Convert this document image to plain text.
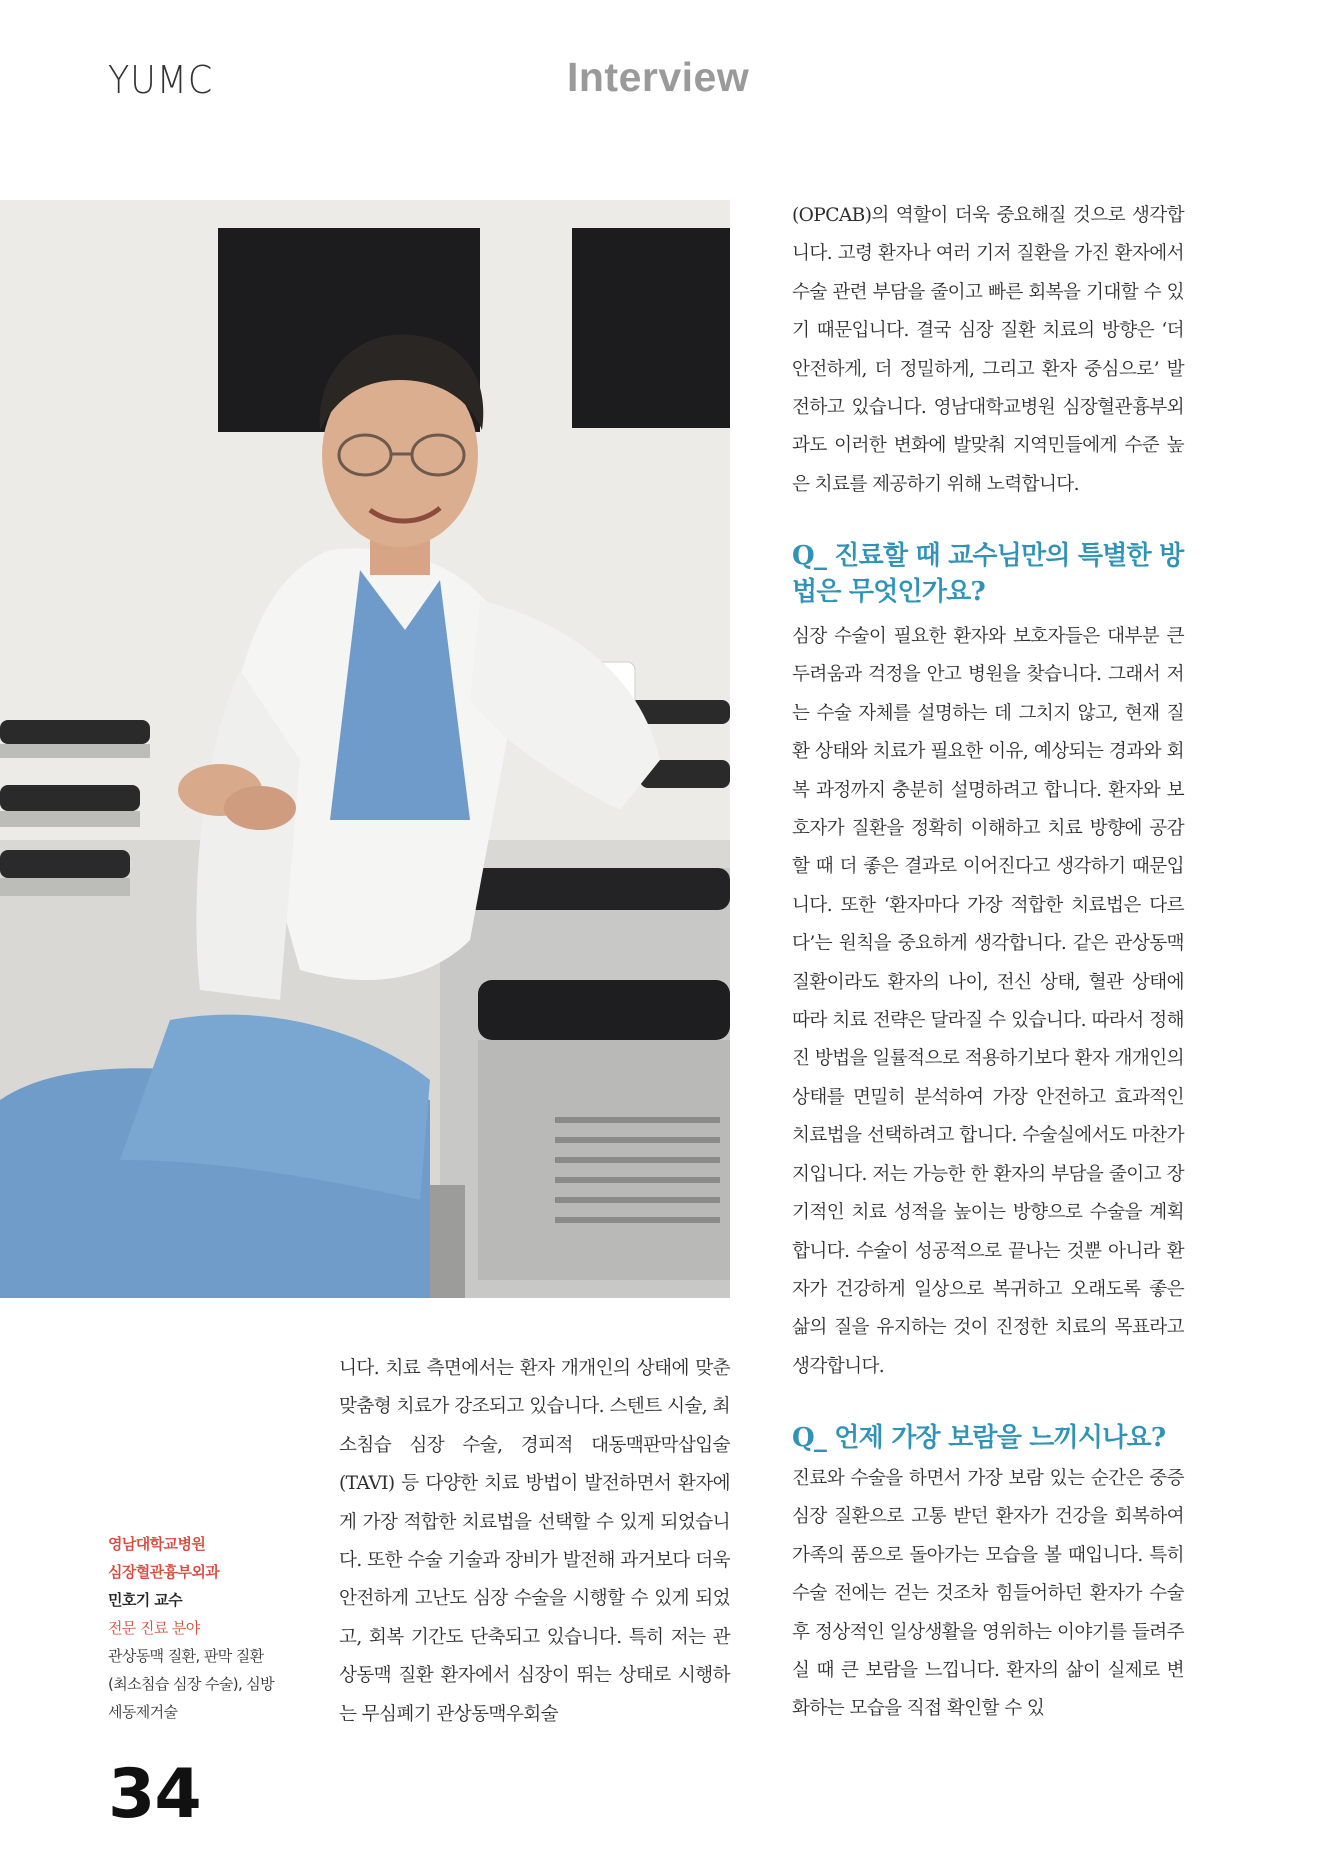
YUMC	Interview

니다. 치료 측면에서는 환자 개개인의 상태에 맞춘 맞춤형 치료가 강조되고 있습니다. 스텐트 시술, 최소침습 심장 수술, 경피적 대동맥판막삽입술(TAVI) 등 다양한 치료 방법이 발전하면서 환자에게 가장 적합한 치료법을 선택할 수 있게 되었습니다. 또한 수술 기술과 장비가 발전해 과거보다 더욱 안전하게 고난도 심장 수술을 시행할 수 있게 되었고, 회복 기간도 단축되고 있습니다. 특히 저는 관상동맥 질환 환자에서 심장이 뛰는 상태로 시행하는 무심폐기 관상동맥우회술

(OPCAB)의 역할이 더욱 중요해질 것으로 생각합니다. 고령 환자나 여러 기저 질환을 가진 환자에서 수술 관련 부담을 줄이고 빠른 회복을 기대할 수 있기 때문입니다. 결국 심장 질환 치료의 방향은 ‘더 안전하게, 더 정밀하게, 그리고 환자 중심으로’ 발전하고 있습니다. 영남대학교병원 심장혈관흉부외과도 이러한 변화에 발맞춰 지역민들에게 수준 높은 치료를 제공하기 위해 노력합니다.

Q_ 진료할 때 교수님만의 특별한 방법은 무엇인가요?

심장 수술이 필요한 환자와 보호자들은 대부분 큰 두려움과 걱정을 안고 병원을 찾습니다. 그래서 저는 수술 자체를 설명하는 데 그치지 않고, 현재 질환 상태와 치료가 필요한 이유, 예상되는 경과와 회복 과정까지 충분히 설명하려고 합니다. 환자와 보호자가 질환을 정확히 이해하고 치료 방향에 공감할 때 더 좋은 결과로 이어진다고 생각하기 때문입니다. 또한 ‘환자마다 가장 적합한 치료법은 다르다’는 원칙을 중요하게 생각합니다. 같은 관상동맥 질환이라도 환자의 나이, 전신 상태, 혈관 상태에 따라 치료 전략은 달라질 수 있습니다. 따라서 정해진 방법을 일률적으로 적용하기보다 환자 개개인의 상태를 면밀히 분석하여 가장 안전하고 효과적인 치료법을 선택하려고 합니다. 수술실에서도 마찬가지입니다. 저는 가능한 한 환자의 부담을 줄이고 장기적인 치료 성적을 높이는 방향으로 수술을 계획합니다. 수술이 성공적으로 끝나는 것뿐 아니라 환자가 건강하게 일상으로 복귀하고 오래도록 좋은 삶의 질을 유지하는 것이 진정한 치료의 목표라고 생각합니다.

Q_ 언제 가장 보람을 느끼시나요?

진료와 수술을 하면서 가장 보람 있는 순간은 중증 심장 질환으로 고통 받던 환자가 건강을 회복하여 가족의 품으로 돌아가는 모습을 볼 때입니다. 특히 수술 전에는 걷는 것조차 힘들어하던 환자가 수술 후 정상적인 일상생활을 영위하는 이야기를 들려주실 때 큰 보람을 느낍니다. 환자의 삶이 실제로 변화하는 모습을 직접 확인할 수 있

영남대학교병원
심장혈관흉부외과
민호기 교수
전문 진료 분야
관상동맥 질환, 판막 질환(최소침습 심장 수술), 심방세동제거술
34
